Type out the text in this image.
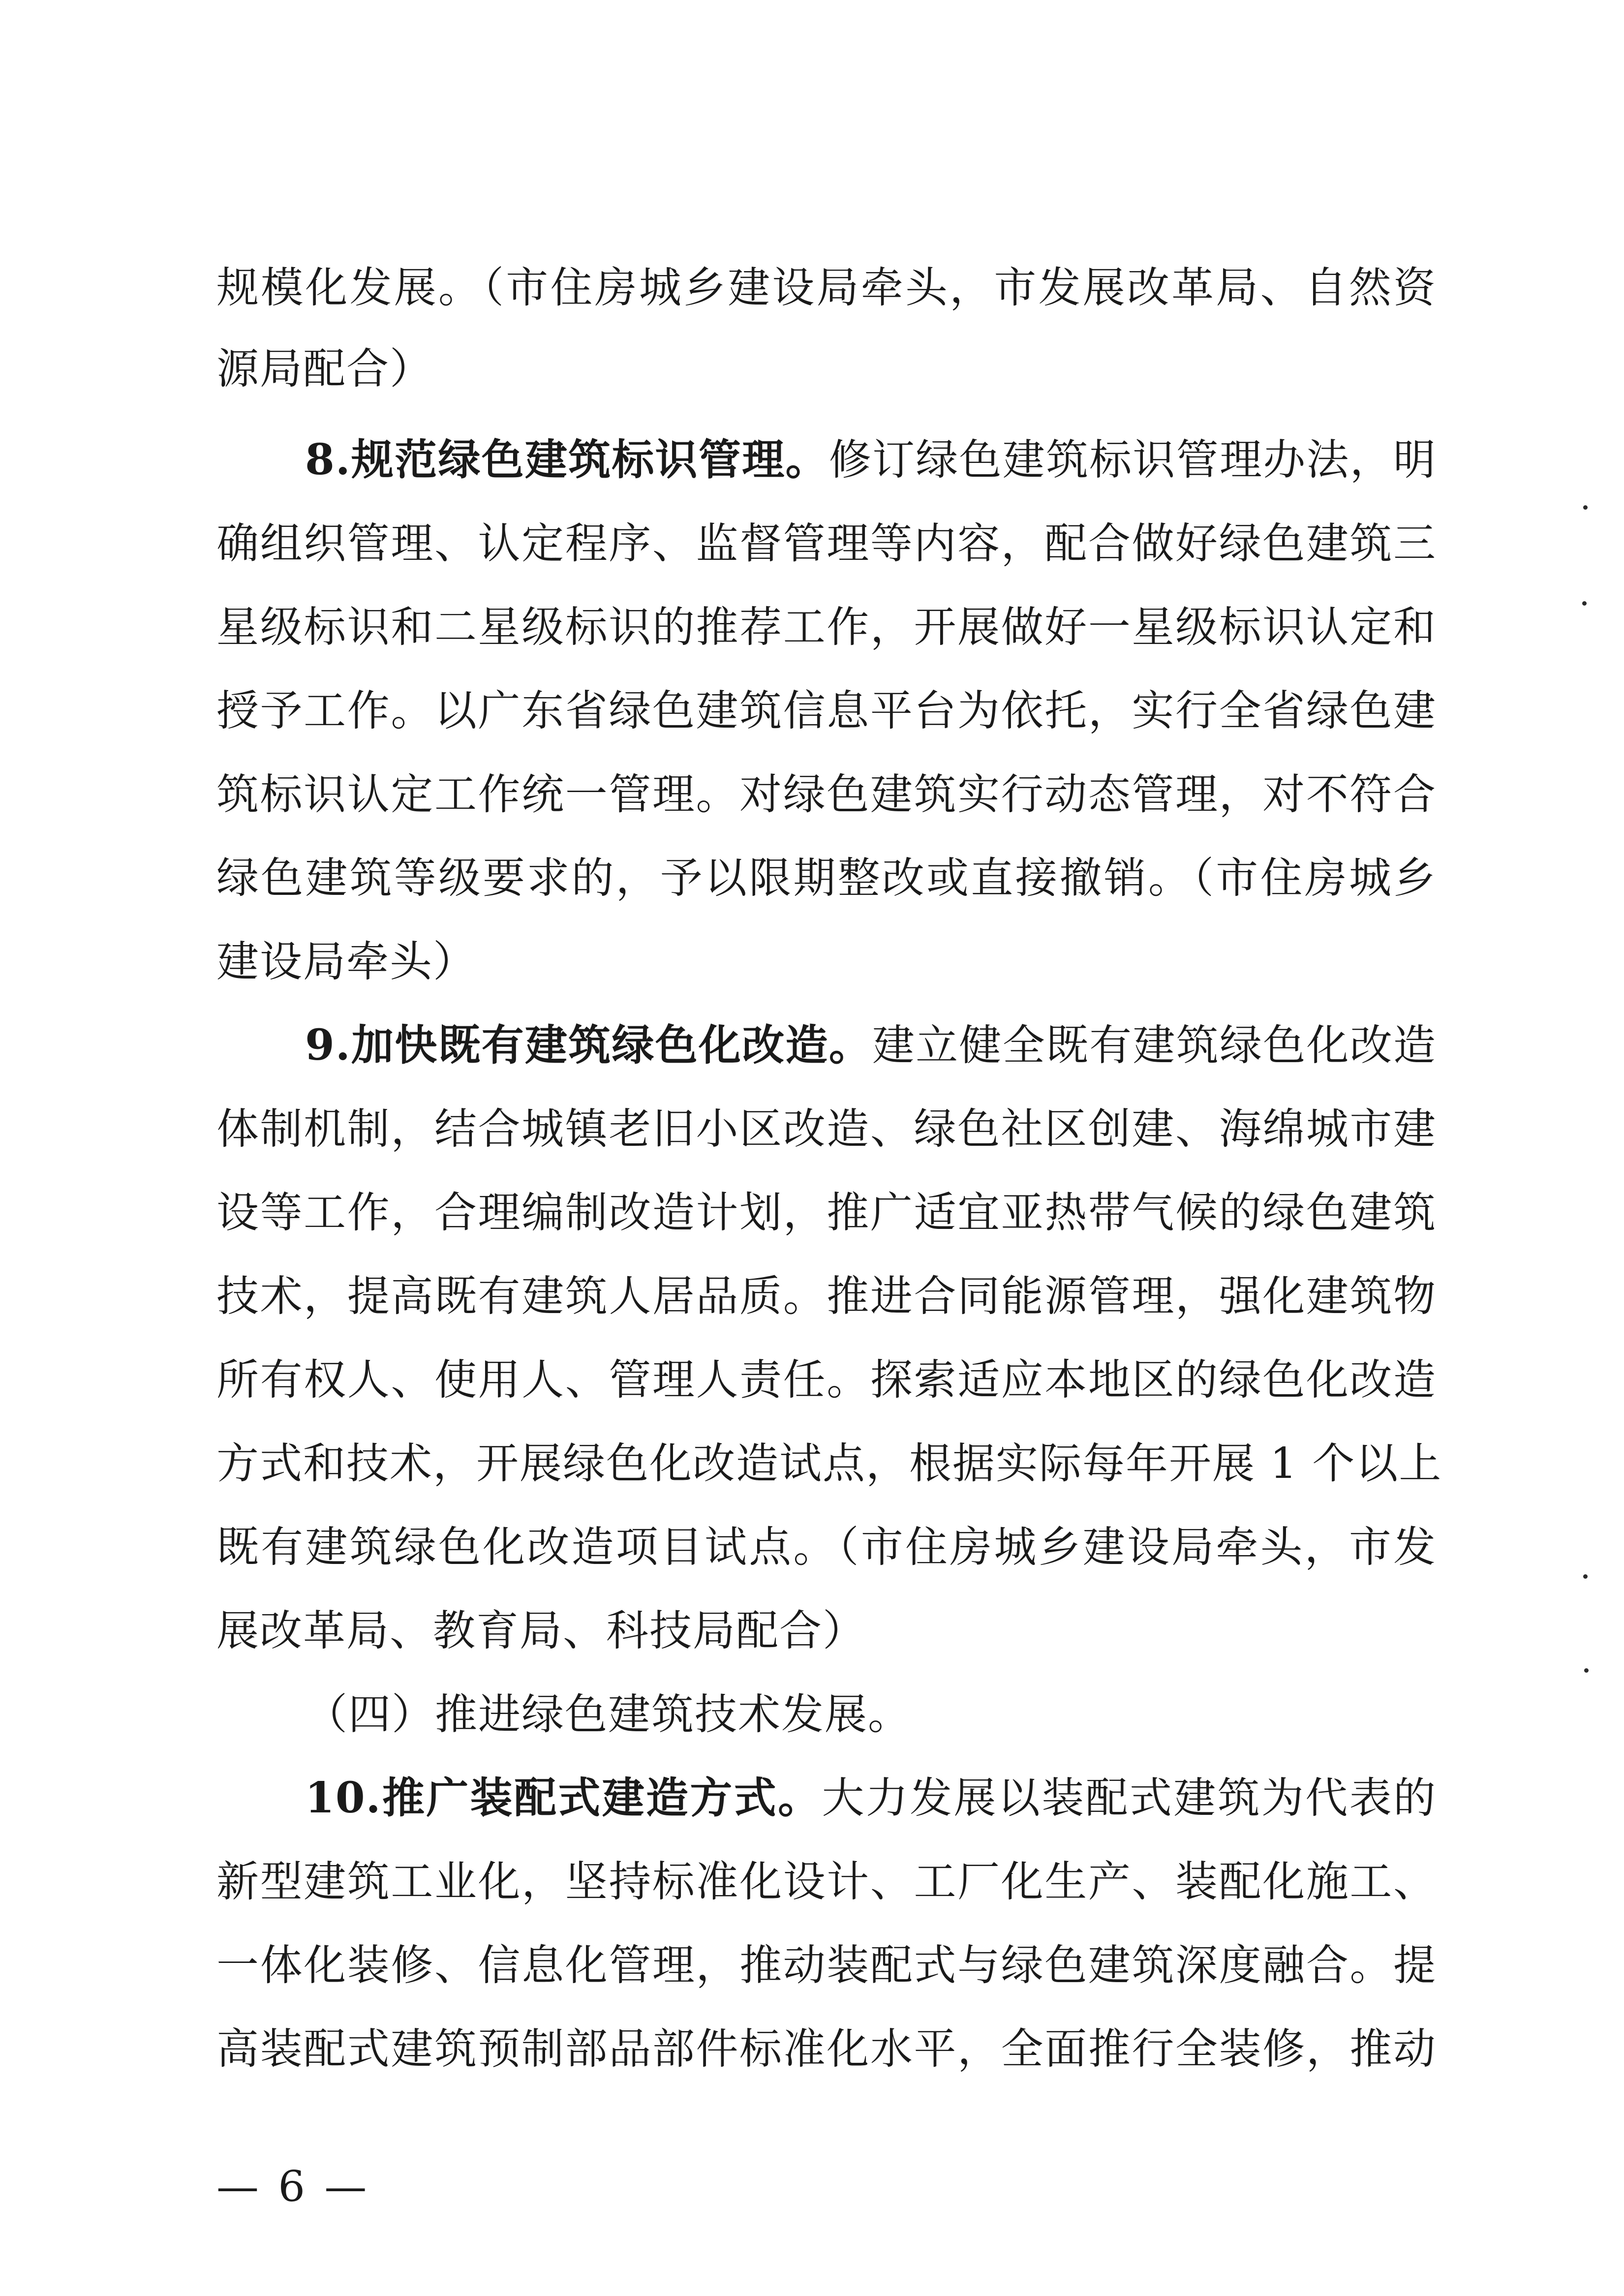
规模化发展。（市住房城乡建设局牵头，市发展改革局、自然资
源局配合）
8.规范绿色建筑标识管理。修订绿色建筑标识管理办法，明
确组织管理、认定程序、监督管理等内容，配合做好绿色建筑三
星级标识和二星级标识的推荐工作，开展做好一星级标识认定和
授予工作。以广东省绿色建筑信息平台为依托，实行全省绿色建
筑标识认定工作统一管理。对绿色建筑实行动态管理，对不符合
绿色建筑等级要求的，予以限期整改或直接撤销。（市住房城乡
建设局牵头）
9.加快既有建筑绿色化改造。建立健全既有建筑绿色化改造
体制机制，结合城镇老旧小区改造、绿色社区创建、海绵城市建
设等工作，合理编制改造计划，推广适宜亚热带气候的绿色建筑
技术，提高既有建筑人居品质。推进合同能源管理，强化建筑物
所有权人、使用人、管理人责任。探索适应本地区的绿色化改造
方式和技术，开展绿色化改造试点，根据实际每年开展 1 个以上
既有建筑绿色化改造项目试点。（市住房城乡建设局牵头，市发
展改革局、教育局、科技局配合）
（四）推进绿色建筑技术发展。
10.推广装配式建造方式。大力发展以装配式建筑为代表的
新型建筑工业化，坚持标准化设计、工厂化生产、装配化施工、
一体化装修、信息化管理，推动装配式与绿色建筑深度融合。提
高装配式建筑预制部品部件标准化水平，全面推行全装修，推动
— 6 —
